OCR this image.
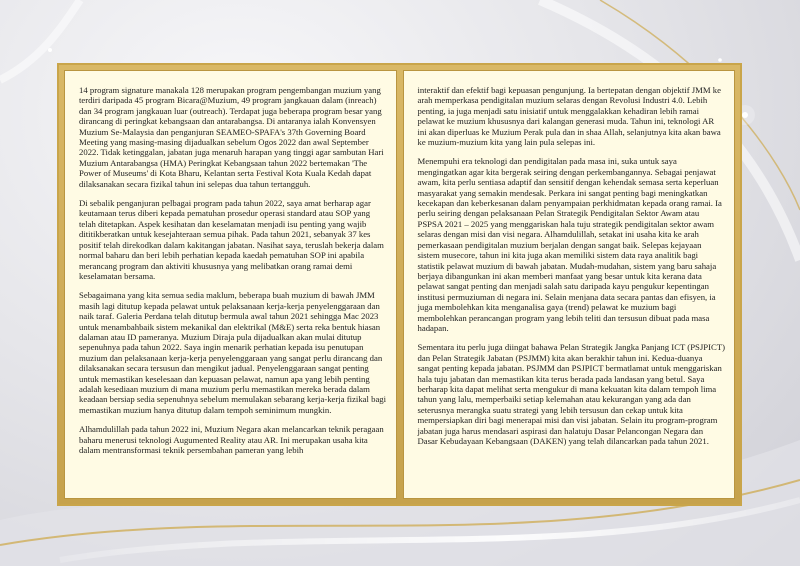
14 program signature manakala 128 merupakan program pengembangan muzium yang terdiri daripada 45 program Bicara@Muzium, 49 program jangkauan dalam (inreach) dan 34 program jangkauan luar (outreach). Terdapat juga beberapa program besar yang dirancang di peringkat kebangsaan dan antarabangsa. Di antaranya ialah Konvensyen Muzium Se-Malaysia dan penganjuran SEAMEO-SPAFA's 37th Governing Board Meeting yang masing-masing dijadualkan sebelum Ogos 2022 dan awal September 2022. Tidak ketinggalan, jabatan juga menaruh harapan yang tinggi agar sambutan Hari Muzium Antarabangsa (HMA) Peringkat Kebangsaan tahun 2022 bertemakan 'The Power of Museums' di Kota Bharu, Kelantan serta Festival Kota Kuala Kedah dapat dilaksanakan secara fizikal tahun ini selepas dua tahun tertangguh.

Di sebalik penganjuran pelbagai program pada tahun 2022, saya amat berharap agar keutamaan terus diberi kepada pematuhan prosedur operasi standard atau SOP yang telah ditetapkan. Aspek kesihatan dan keselamatan menjadi isu penting yang wajib dititikberatkan untuk kesejahteraan semua pihak. Pada tahun 2021, sebanyak 37 kes positif telah direkodkan dalam kakitangan jabatan. Nasihat saya, teruslah bekerja dalam normal baharu dan beri lebih perhatian kepada kaedah pematuhan SOP ini apabila merancang program dan aktiviti khususnya yang melibatkan orang ramai demi keselamatan bersama.

Sebagaimana yang kita semua sedia maklum, beberapa buah muzium di bawah JMM masih lagi ditutup kepada pelawat untuk pelaksanaan kerja-kerja penyelenggaraan dan naik taraf. Galeria Perdana telah ditutup bermula awal tahun 2021 sehingga Mac 2023 untuk menambahbaik sistem mekanikal dan elektrikal (M&E) serta reka bentuk hiasan dalaman atau ID pameranya. Muzium Diraja pula dijadualkan akan mulai ditutup sepenuhnya pada tahun 2022. Saya ingin menarik perhatian kepada isu penutupan muzium dan pelaksanaan kerja-kerja penyelenggaraan yang sangat perlu dirancang dan dilaksanakan secara tersusun dan mengikut jadual. Penyelenggaraan sangat penting untuk memastikan keselesaan dan kepuasan pelawat, namun apa yang lebih penting adalah kesediaan muzium di mana muzium perlu memastikan mereka berada dalam keadaan bersiap sedia sepenuhnya sebelum memulakan sebarang kerja-kerja fizikal bagi memastikan muzium hanya ditutup dalam tempoh seminimum mungkin.

Alhamdulillah pada tahun 2022 ini, Muzium Negara akan melancarkan teknik peragaan baharu menerusi teknologi Augumented Reality atau AR. Ini merupakan usaha kita dalam mentransformasi teknik persembahan pameran yang lebih

interaktif dan efektif bagi kepuasan pengunjung. Ia bertepatan dengan objektif JMM ke arah memperkasa pendigitalan muzium selaras dengan Revolusi Industri 4.0. Lebih penting, ia juga menjadi satu inisiatif untuk menggalakkan kehadiran lebih ramai pelawat ke muzium khususnya dari kalangan generasi muda. Tahun ini, teknologi AR ini akan diperluas ke Muzium Perak pula dan in shaa Allah, selanjutnya kita akan bawa ke muzium-muzium kita yang lain pula selepas ini.

Menempuhi era teknologi dan pendigitalan pada masa ini, suka untuk saya mengingatkan agar kita bergerak seiring dengan perkembangannya. Sebagai penjawat awam, kita perlu sentiasa adaptif dan sensitif dengan kehendak semasa serta keperluan masyarakat yang semakin mendesak. Perkara ini sangat penting bagi meningkatkan kecekapan dan keberkesanan dalam penyampaian perkhidmatan kepada orang ramai. Ia perlu seiring dengan pelaksanaan Pelan Strategik Pendigitalan Sektor Awam atau PSPSA 2021 – 2025 yang menggariskan hala tuju strategik pendigitalan sektor awam selaras dengan misi dan visi negara. Alhamdulillah, setakat ini usaha kita ke arah pemerkasaan pendigitalan muzium berjalan dengan sangat baik. Selepas kejayaan sistem musecore, tahun ini kita juga akan memiliki sistem data raya analitik bagi statistik pelawat muzium di bawah jabatan. Mudah-mudahan, sistem yang baru sahaja berjaya dibangunkan ini akan memberi manfaat yang besar untuk kita kerana data pelawat sangat penting dan menjadi salah satu daripada kayu pengukur kepentingan institusi permuziuman di negara ini. Selain menjana data secara pantas dan efisyen, ia juga membolehkan kita menganalisa gaya (trend) pelawat ke muzium bagi membolehkan perancangan program yang lebih teliti dan tersusun dibuat pada masa hadapan.

Sementara itu perlu juga diingat bahawa Pelan Strategik Jangka Panjang ICT (PSJPICT) dan Pelan Strategik Jabatan (PSJMM) kita akan berakhir tahun ini. Kedua-duanya sangat penting kepada jabatan. PSJMM dan PSJPICT bermatlamat untuk menggariskan hala tuju jabatan dan memastikan kita terus berada pada landasan yang betul. Saya berharap kita dapat melihat serta mengukur di mana kekuatan kita dalam tempoh lima tahun yang lalu, memperbaiki setiap kelemahan atau kekurangan yang ada dan seterusnya merangka suatu strategi yang lebih tersusun dan cekap untuk kita mempersiapkan diri bagi menerapai misi dan visi jabatan. Selain itu program-program jabatan juga harus mendasari aspirasi dan halatuju Dasar Pelancongan Negara dan Dasar Kebudayaan Kebangsaan (DAKEN) yang telah dilancarkan pada tahun 2021.
